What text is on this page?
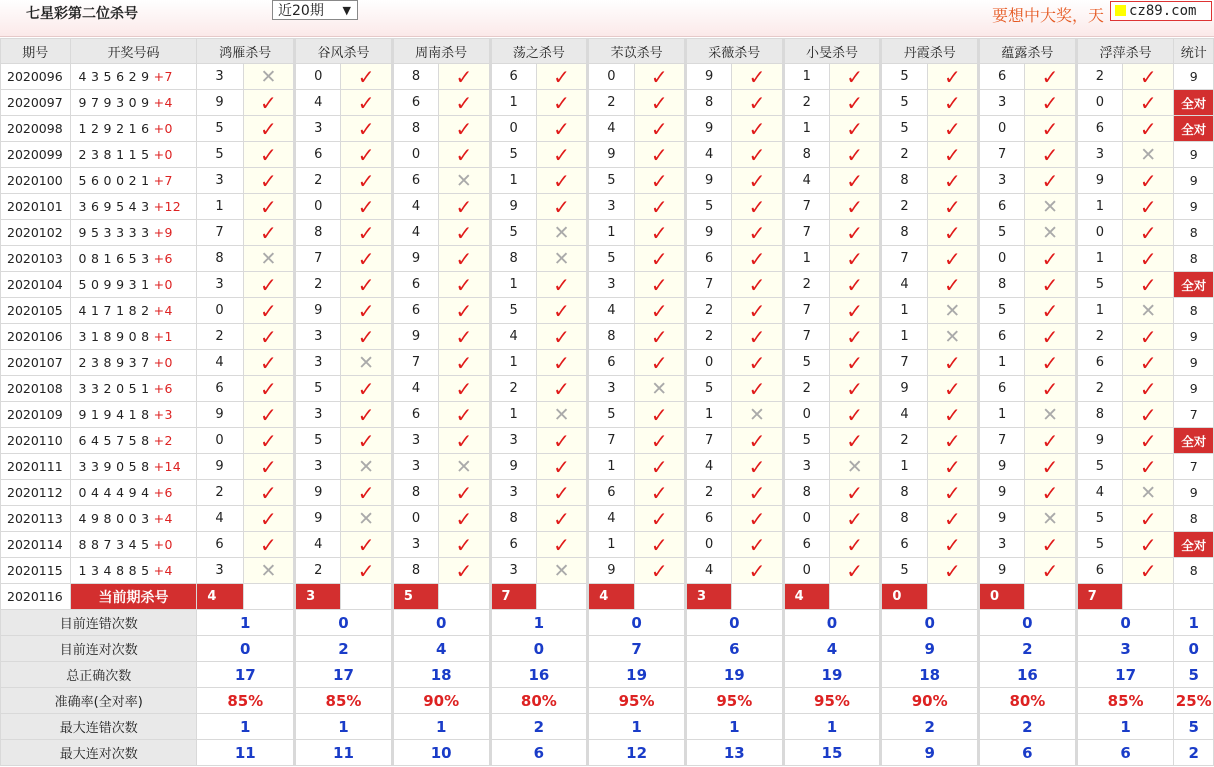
七星彩第二位杀号	近20期 ▼	要想中大奖，天	cz89.com
期号	开奖号码	鸿雁杀号		谷风杀号		周南杀号		荡之杀号		芣苡杀号		采薇杀号		小旻杀号		丹霞杀号		蕴露杀号		浮萍杀号		统计
2020096	4 3 5 6 2 9 +7	3	✕	0	✓	8	✓	6	✓	0	✓	9	✓	1	✓	5	✓	6	✓	2	✓	9
2020097	9 7 9 3 0 9 +4	9	✓	4	✓	6	✓	1	✓	2	✓	8	✓	2	✓	5	✓	3	✓	0	✓	全对
2020098	1 2 9 2 1 6 +0	5	✓	3	✓	8	✓	0	✓	4	✓	9	✓	1	✓	5	✓	0	✓	6	✓	全对
2020099	2 3 8 1 1 5 +0	5	✓	6	✓	0	✓	5	✓	9	✓	4	✓	8	✓	2	✓	7	✓	3	✕	9
2020100	5 6 0 0 2 1 +7	3	✓	2	✓	6	✕	1	✓	5	✓	9	✓	4	✓	8	✓	3	✓	9	✓	9
2020101	3 6 9 5 4 3 +12	1	✓	0	✓	4	✓	9	✓	3	✓	5	✓	7	✓	2	✓	6	✕	1	✓	9
2020102	9 5 3 3 3 3 +9	7	✓	8	✓	4	✓	5	✕	1	✓	9	✓	7	✓	8	✓	5	✕	0	✓	8
2020103	0 8 1 6 5 3 +6	8	✕	7	✓	9	✓	8	✕	5	✓	6	✓	1	✓	7	✓	0	✓	1	✓	8
2020104	5 0 9 9 3 1 +0	3	✓	2	✓	6	✓	1	✓	3	✓	7	✓	2	✓	4	✓	8	✓	5	✓	全对
2020105	4 1 7 1 8 2 +4	0	✓	9	✓	6	✓	5	✓	4	✓	2	✓	7	✓	1	✕	5	✓	1	✕	8
2020106	3 1 8 9 0 8 +1	2	✓	3	✓	9	✓	4	✓	8	✓	2	✓	7	✓	1	✕	6	✓	2	✓	9
2020107	2 3 8 9 3 7 +0	4	✓	3	✕	7	✓	1	✓	6	✓	0	✓	5	✓	7	✓	1	✓	6	✓	9
2020108	3 3 2 0 5 1 +6	6	✓	5	✓	4	✓	2	✓	3	✕	5	✓	2	✓	9	✓	6	✓	2	✓	9
2020109	9 1 9 4 1 8 +3	9	✓	3	✓	6	✓	1	✕	5	✓	1	✕	0	✓	4	✓	1	✕	8	✓	7
2020110	6 4 5 7 5 8 +2	0	✓	5	✓	3	✓	3	✓	7	✓	7	✓	5	✓	2	✓	7	✓	9	✓	全对
2020111	3 3 9 0 5 8 +14	9	✓	3	✕	3	✕	9	✓	1	✓	4	✓	3	✕	1	✓	9	✓	5	✓	7
2020112	0 4 4 4 9 4 +6	2	✓	9	✓	8	✓	3	✓	6	✓	2	✓	8	✓	8	✓	9	✓	4	✕	9
2020113	4 9 8 0 0 3 +4	4	✓	9	✕	0	✓	8	✓	4	✓	6	✓	0	✓	8	✓	9	✕	5	✓	8
2020114	8 8 7 3 4 5 +0	6	✓	4	✓	3	✓	6	✓	1	✓	0	✓	6	✓	6	✓	3	✓	5	✓	全对
2020115	1 3 4 8 8 5 +4	3	✕	2	✓	8	✓	3	✕	9	✓	4	✓	0	✓	5	✓	9	✓	6	✓	8
2020116	当前期杀号	4		3		5		7		4		3		4		0		0		7		
目前连错次数		1		0		0		1		0		0		0		0		0		0		1
目前连对次数		0		2		4		0		7		6		4		9		2		3		0
总正确次数		17		17		18		16		19		19		19		18		16		17		5
准确率(全对率)		85%		85%		90%		80%		95%		95%		95%		90%		80%		85%		25%
最大连错次数		1		1		1		2		1		1		1		2		2		1		5
最大连对次数		11		11		10		6		12		13		15		9		6		6		2
